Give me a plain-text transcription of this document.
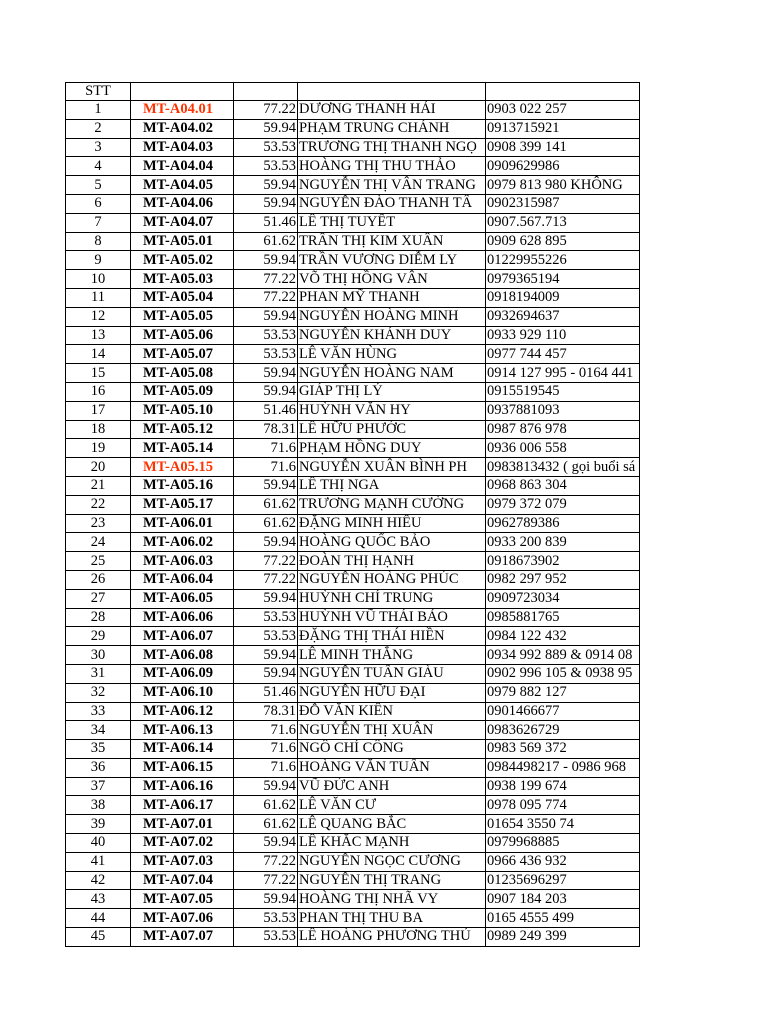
STT				
1	MT-A04.01	77.22	DƯƠNG THANH HẢI	0903 022 257
2	MT-A04.02	59.94	PHẠM TRUNG CHÁNH	0913715921
3	MT-A04.03	53.53	TRƯƠNG THỊ THANH NGỌ	0908 399 141
4	MT-A04.04	53.53	HOÀNG THỊ THU THẢO	0909629986
5	MT-A04.05	59.94	NGUYỄN THỊ VÂN TRANG	0979 813 980 KHÔNG
6	MT-A04.06	59.94	NGUYỄN ĐÀO THANH TÂ	0902315987
7	MT-A04.07	51.46	LÊ THỊ TUYẾT	0907.567.713
8	MT-A05.01	61.62	TRẦN THỊ KIM XUÂN	0909 628 895
9	MT-A05.02	59.94	TRẦN VƯƠNG DIỄM LY	01229955226
10	MT-A05.03	77.22	VÕ THỊ HỒNG VÂN	0979365194
11	MT-A05.04	77.22	PHAN MỸ THANH	0918194009
12	MT-A05.05	59.94	NGUYỄN HOÀNG MINH	0932694637
13	MT-A05.06	53.53	NGUYỄN KHÁNH DUY	0933 929 110
14	MT-A05.07	53.53	LÊ VĂN HÙNG	0977 744 457
15	MT-A05.08	59.94	NGUYỄN HOÀNG NAM	0914 127 995 - 0164 441
16	MT-A05.09	59.94	GIÁP THỊ LÝ	0915519545
17	MT-A05.10	51.46	HUỲNH VĂN HY	0937881093
18	MT-A05.12	78.31	LÊ HỮU PHƯỚC	0987 876 978
19	MT-A05.14	71.6	PHẠM HỒNG DUY	0936 006 558
20	MT-A05.15	71.6	NGUYỄN XUÂN BÌNH PH	0983813432 ( gọi buổi sá
21	MT-A05.16	59.94	LÊ THỊ NGA	0968 863 304
22	MT-A05.17	61.62	TRƯƠNG MẠNH CƯỜNG	0979 372 079
23	MT-A06.01	61.62	ĐẶNG MINH HIẾU	0962789386
24	MT-A06.02	59.94	HOÀNG QUỐC BẢO	0933 200 839
25	MT-A06.03	77.22	ĐOÀN THỊ HẠNH	0918673902
26	MT-A06.04	77.22	NGUYỄN HOÀNG PHÚC	0982 297 952
27	MT-A06.05	59.94	HUỲNH CHÍ TRUNG	0909723034
28	MT-A06.06	53.53	HUỲNH VŨ THÁI BẢO	0985881765
29	MT-A06.07	53.53	ĐẶNG THỊ THÁI HIỀN	0984 122 432
30	MT-A06.08	59.94	LÊ MINH THẮNG	0934 992 889 & 0914 08
31	MT-A06.09	59.94	NGUYỄN TUẤN GIÀU	0902 996 105 & 0938 95
32	MT-A06.10	51.46	NGUYỄN HỮU ĐẠI	0979 882 127
33	MT-A06.12	78.31	ĐỖ VĂN KIÊN	0901466677
34	MT-A06.13	71.6	NGUYỄN THỊ XUÂN	0983626729
35	MT-A06.14	71.6	NGÔ CHÍ CÔNG	0983 569 372
36	MT-A06.15	71.6	HOÀNG VĂN TUẤN	0984498217 - 0986 968
37	MT-A06.16	59.94	VŨ ĐỨC ANH	0938 199 674
38	MT-A06.17	61.62	LÊ VĂN CƯ	0978 095 774
39	MT-A07.01	61.62	LÊ QUANG BẮC	01654 3550 74
40	MT-A07.02	59.94	LÊ KHẮC MẠNH	0979968885
41	MT-A07.03	77.22	NGUYỄN NGỌC CƯƠNG	0966 436 932
42	MT-A07.04	77.22	NGUYỄN THỊ TRANG	01235696297
43	MT-A07.05	59.94	HOÀNG THỊ NHÃ VY	0907 184 203
44	MT-A07.06	53.53	PHAN THỊ THU BA	0165 4555 499
45	MT-A07.07	53.53	LÊ HOÀNG PHƯƠNG THỦ	0989 249 399
